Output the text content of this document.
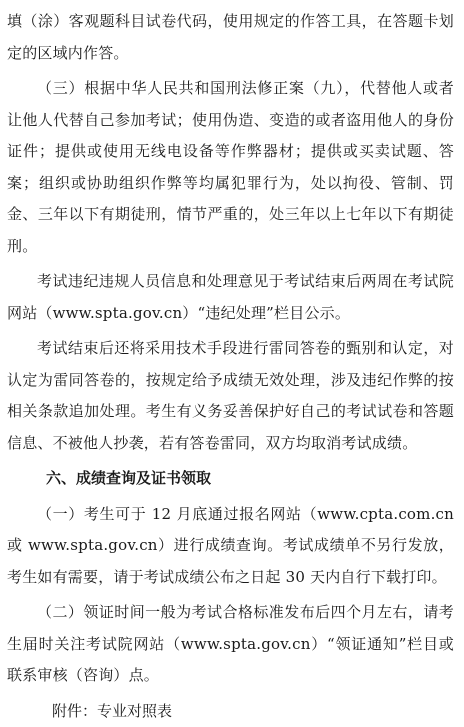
填（涂）客观题科目试卷代码，使用规定的作答工具，在答题卡划定的区域内作答。

（三）根据中华人民共和国刑法修正案（九），代替他人或者让他人代替自己参加考试；使用伪造、变造的或者盗用他人的身份证件；提供或使用无线电设备等作弊器材；提供或买卖试题、答案；组织或协助组织作弊等均属犯罪行为，处以拘役、管制、罚金、三年以下有期徒刑，情节严重的，处三年以上七年以下有期徒刑。

考试违纪违规人员信息和处理意见于考试结束后两周在考试院网站（www.spta.gov.cn）“违纪处理”栏目公示。

考试结束后还将采用技术手段进行雷同答卷的甄别和认定，对认定为雷同答卷的，按规定给予成绩无效处理，涉及违纪作弊的按相关条款追加处理。考生有义务妥善保护好自己的考试试卷和答题信息、不被他人抄袭，若有答卷雷同，双方均取消考试成绩。

六、成绩查询及证书领取

（一）考生可于 12 月底通过报名网站（www.cpta.com.cn 或 www.spta.gov.cn）进行成绩查询。考试成绩单不另行发放，考生如有需要，请于考试成绩公布之日起 30 天内自行下载打印。

（二）领证时间一般为考试合格标准发布后四个月左右，请考生届时关注考试院网站（www.spta.gov.cn）“领证通知”栏目或联系审核（咨询）点。

附件：专业对照表
